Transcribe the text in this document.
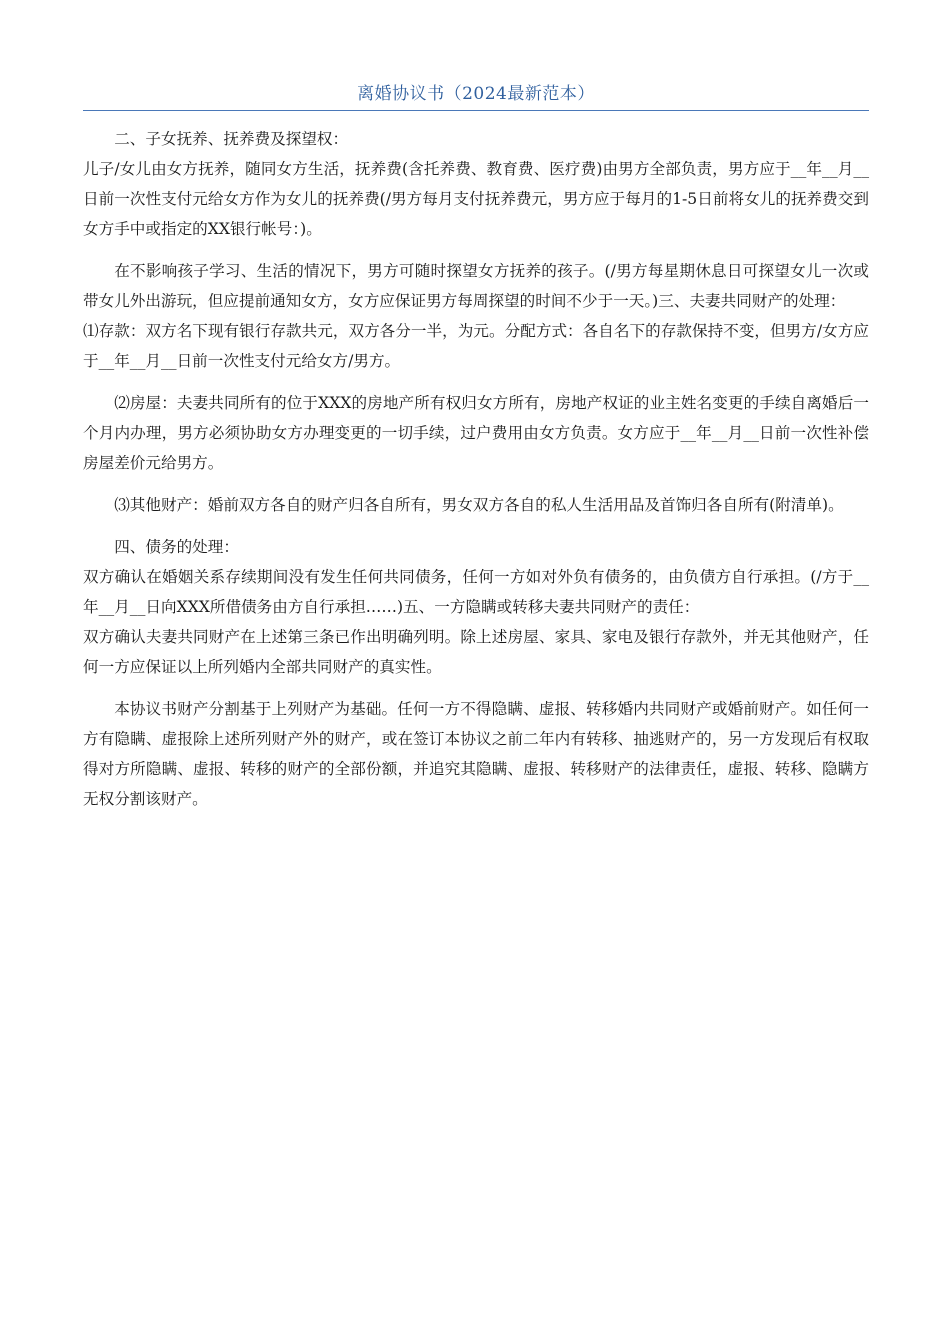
离婚协议书（2024最新范本）

二、子女抚养、抚养费及探望权：

儿子/女儿由女方抚养，随同女方生活，抚养费(含托养费、教育费、医疗费)由男方全部负责，男方应于__年__月__日前一次性支付元给女方作为女儿的抚养费(/男方每月支付抚养费元，男方应于每月的1-5日前将女儿的抚养费交到女方手中或指定的XX银行帐号：)。

在不影响孩子学习、生活的情况下，男方可随时探望女方抚养的孩子。(/男方每星期休息日可探望女儿一次或带女儿外出游玩，但应提前通知女方，女方应保证男方每周探望的时间不少于一天。)三、夫妻共同财产的处理：

⑴存款：双方名下现有银行存款共元，双方各分一半，为元。分配方式：各自名下的存款保持不变，但男方/女方应于__年__月__日前一次性支付元给女方/男方。

⑵房屋：夫妻共同所有的位于XXX的房地产所有权归女方所有，房地产权证的业主姓名变更的手续自离婚后一个月内办理，男方必须协助女方办理变更的一切手续，过户费用由女方负责。女方应于__年__月__日前一次性补偿房屋差价元给男方。

⑶其他财产：婚前双方各自的财产归各自所有，男女双方各自的私人生活用品及首饰归各自所有(附清单)。

四、债务的处理：

双方确认在婚姻关系存续期间没有发生任何共同债务，任何一方如对外负有债务的，由负债方自行承担。(/方于__年__月__日向XXX所借债务由方自行承担……)五、一方隐瞒或转移夫妻共同财产的责任：

双方确认夫妻共同财产在上述第三条已作出明确列明。除上述房屋、家具、家电及银行存款外，并无其他财产，任何一方应保证以上所列婚内全部共同财产的真实性。

本协议书财产分割基于上列财产为基础。任何一方不得隐瞒、虚报、转移婚内共同财产或婚前财产。如任何一方有隐瞒、虚报除上述所列财产外的财产，或在签订本协议之前二年内有转移、抽逃财产的，另一方发现后有权取得对方所隐瞒、虚报、转移的财产的全部份额，并追究其隐瞒、虚报、转移财产的法律责任，虚报、转移、隐瞒方无权分割该财产。
